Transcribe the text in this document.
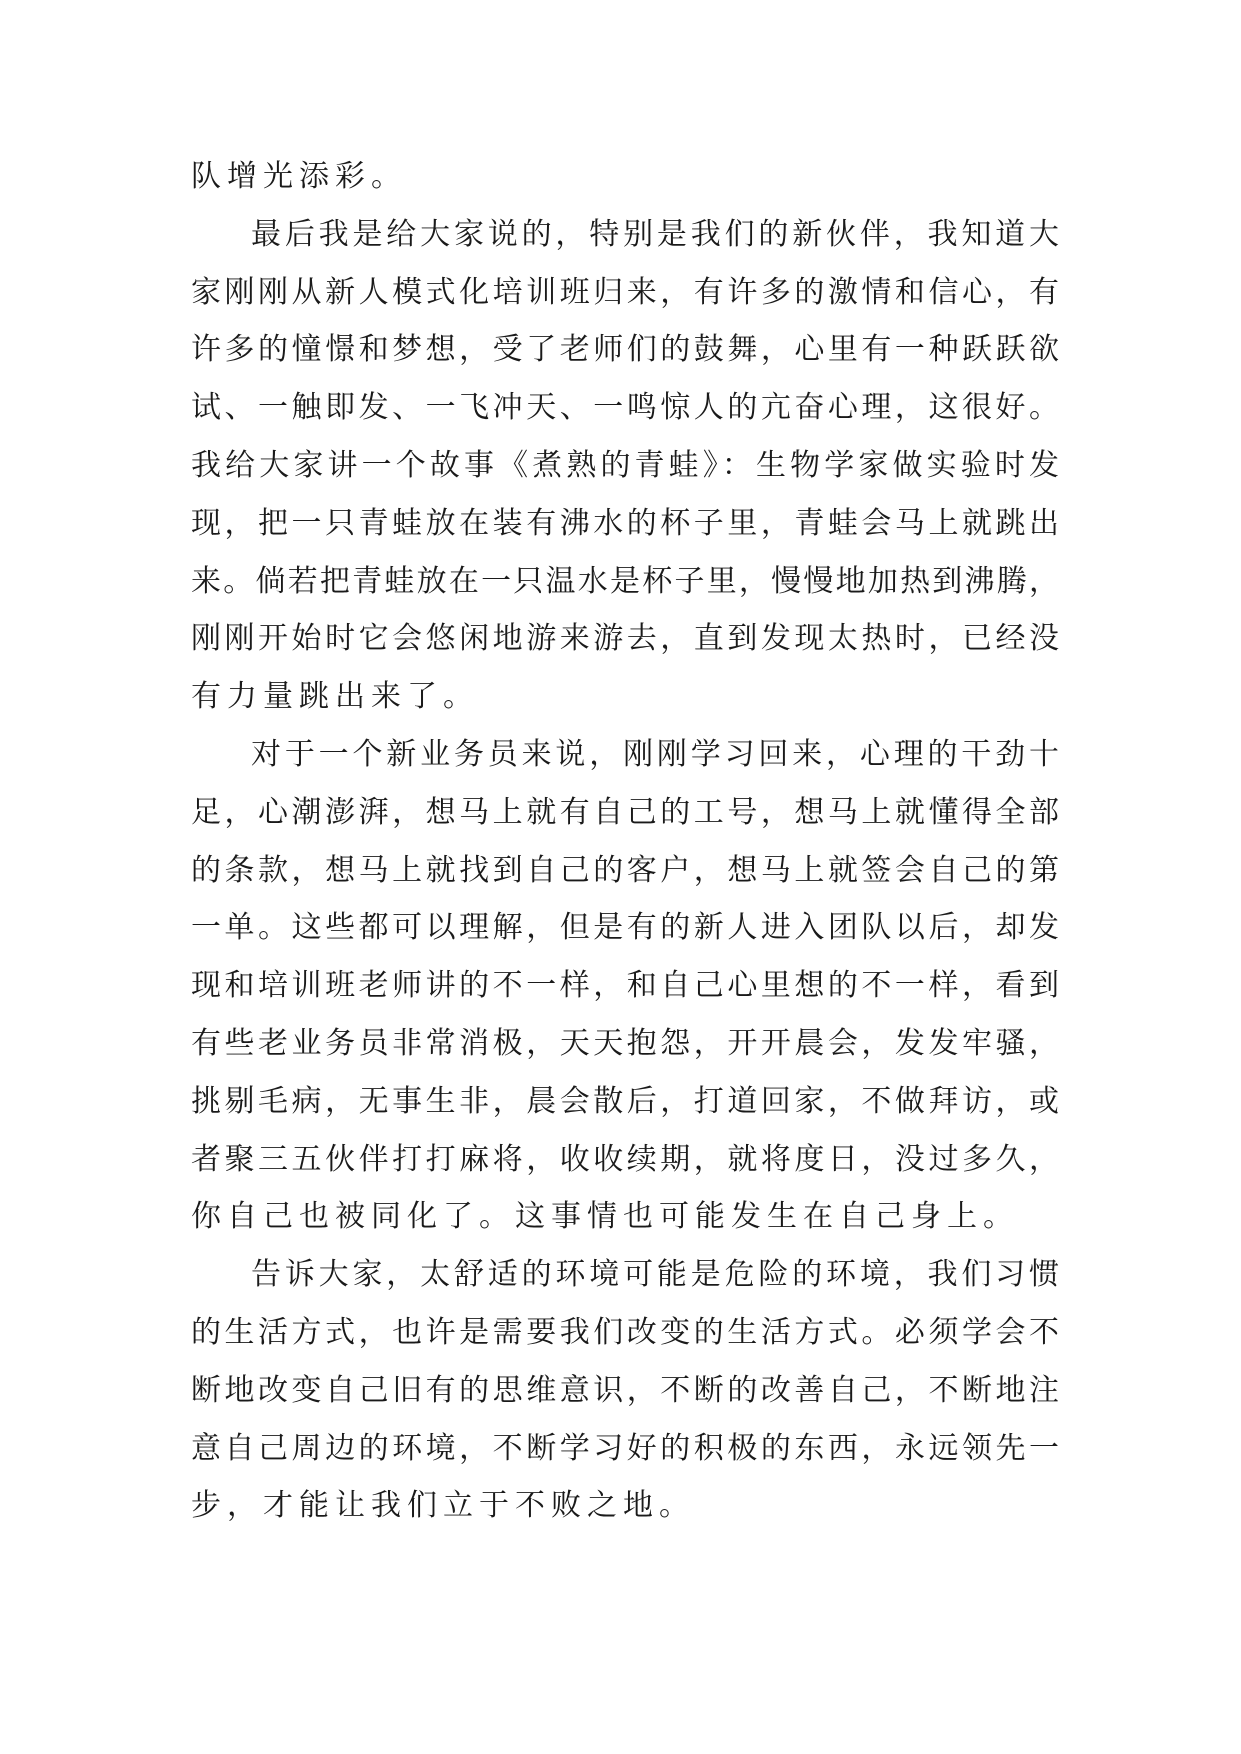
队增光添彩。
最后我是给大家说的，特别是我们的新伙伴，我知道大
家刚刚从新人模式化培训班归来，有许多的激情和信心，有
许多的憧憬和梦想，受了老师们的鼓舞，心里有一种跃跃欲
试、一触即发、一飞冲天、一鸣惊人的亢奋心理，这很好。
我给大家讲一个故事《煮熟的青蛙》：生物学家做实验时发
现，把一只青蛙放在装有沸水的杯子里，青蛙会马上就跳出
来。倘若把青蛙放在一只温水是杯子里，慢慢地加热到沸腾，
刚刚开始时它会悠闲地游来游去，直到发现太热时，已经没
有力量跳出来了。
对于一个新业务员来说，刚刚学习回来，心理的干劲十
足，心潮澎湃，想马上就有自己的工号，想马上就懂得全部
的条款，想马上就找到自己的客户，想马上就签会自己的第
一单。这些都可以理解，但是有的新人进入团队以后，却发
现和培训班老师讲的不一样，和自己心里想的不一样，看到
有些老业务员非常消极，天天抱怨，开开晨会，发发牢骚，
挑剔毛病，无事生非，晨会散后，打道回家，不做拜访，或
者聚三五伙伴打打麻将，收收续期，就将度日，没过多久，
你自己也被同化了。这事情也可能发生在自己身上。
告诉大家，太舒适的环境可能是危险的环境，我们习惯
的生活方式，也许是需要我们改变的生活方式。必须学会不
断地改变自己旧有的思维意识，不断的改善自己，不断地注
意自己周边的环境，不断学习好的积极的东西，永远领先一
步，才能让我们立于不败之地。
